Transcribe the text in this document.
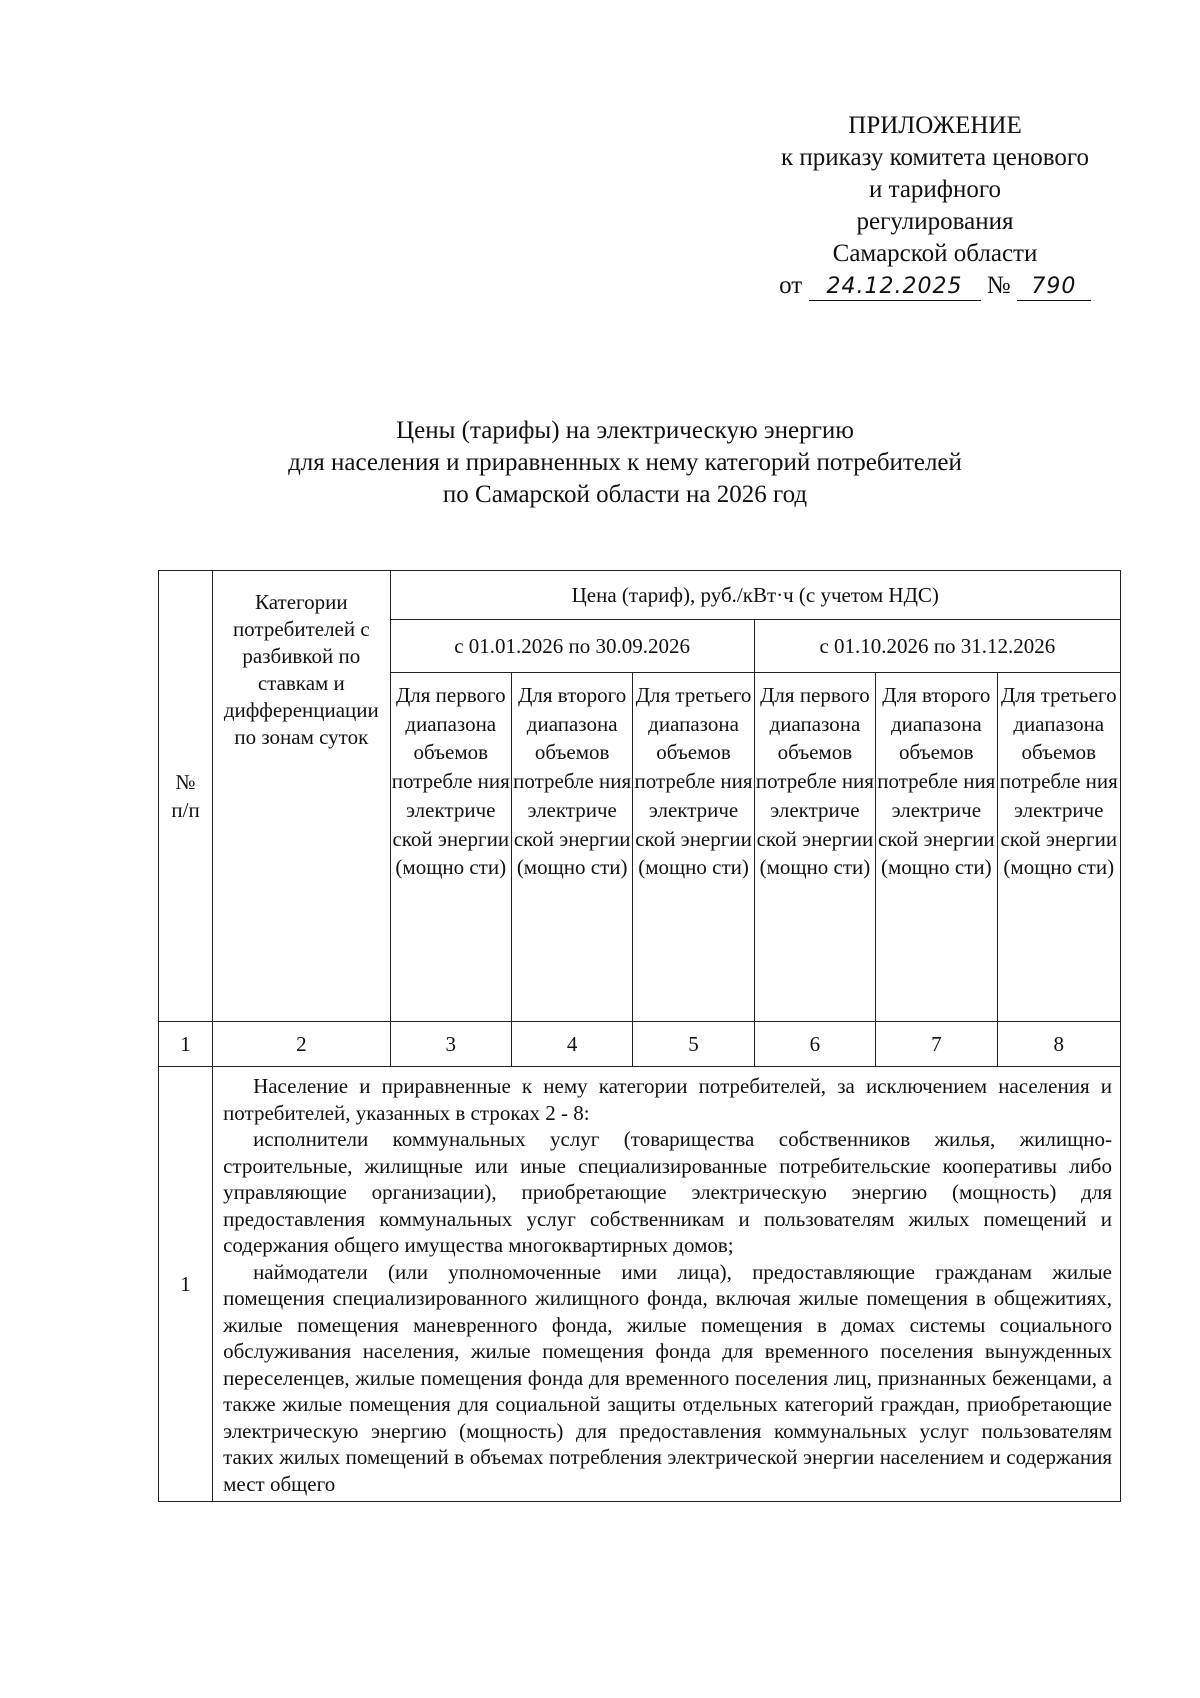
ПРИЛОЖЕНИЕ
к приказу комитета ценового
и тарифного
регулирования
Самарской области
от 24.12.2025 № 790
Цены (тарифы) на электрическую энергию
для населения и приравненных к нему категорий потребителей
по Самарской области на 2026 год
№ п/п	Категории потребителей с разбивкой по ставкам и дифференциации по зонам суток	Цена (тариф), руб./кВт·ч (с учетом НДС)					
		с 01.01.2026 по 30.09.2026			с 01.10.2026 по 31.12.2026		
		Для первого диапазона объемов потребле ния электриче ской энергии (мощно сти)	Для второго диапазона объемов потребле ния электриче ской энергии (мощно сти)	Для третьего диапазона объемов потребле ния электриче ской энергии (мощно сти)	Для первого диапазона объемов потребле ния электриче ской энергии (мощно сти)	Для второго диапазона объемов потребле ния электриче ской энергии (мощно сти)	Для третьего диапазона объемов потребле ния электриче ской энергии (мощно сти)
1	2	3	4	5	6	7	8
1	Население и приравненные к нему категории потребителей, за исключением населения и потребителей, указанных в строках 2 - 8:

исполнители коммунальных услуг (товарищества собственников жилья, жилищно-строительные, жилищные или иные специализированные потребительские кооперативы либо управляющие организации), приобретающие электрическую энергию (мощность) для предоставления коммунальных услуг собственникам и пользователям жилых помещений и содержания общего имущества многоквартирных домов;

наймодатели (или уполномоченные ими лица), предоставляющие гражданам жилые помещения специализированного жилищного фонда, включая жилые помещения в общежитиях, жилые помещения маневренного фонда, жилые помещения в домах системы социального обслуживания населения, жилые помещения фонда для временного поселения вынужденных переселенцев, жилые помещения фонда для временного поселения лиц, признанных беженцами, а также жилые помещения для социальной защиты отдельных категорий граждан, приобретающие электрическую энергию (мощность) для предоставления коммунальных услуг пользователям таких жилых помещений в объемах потребления электрической энергии населением и содержания мест общего						
